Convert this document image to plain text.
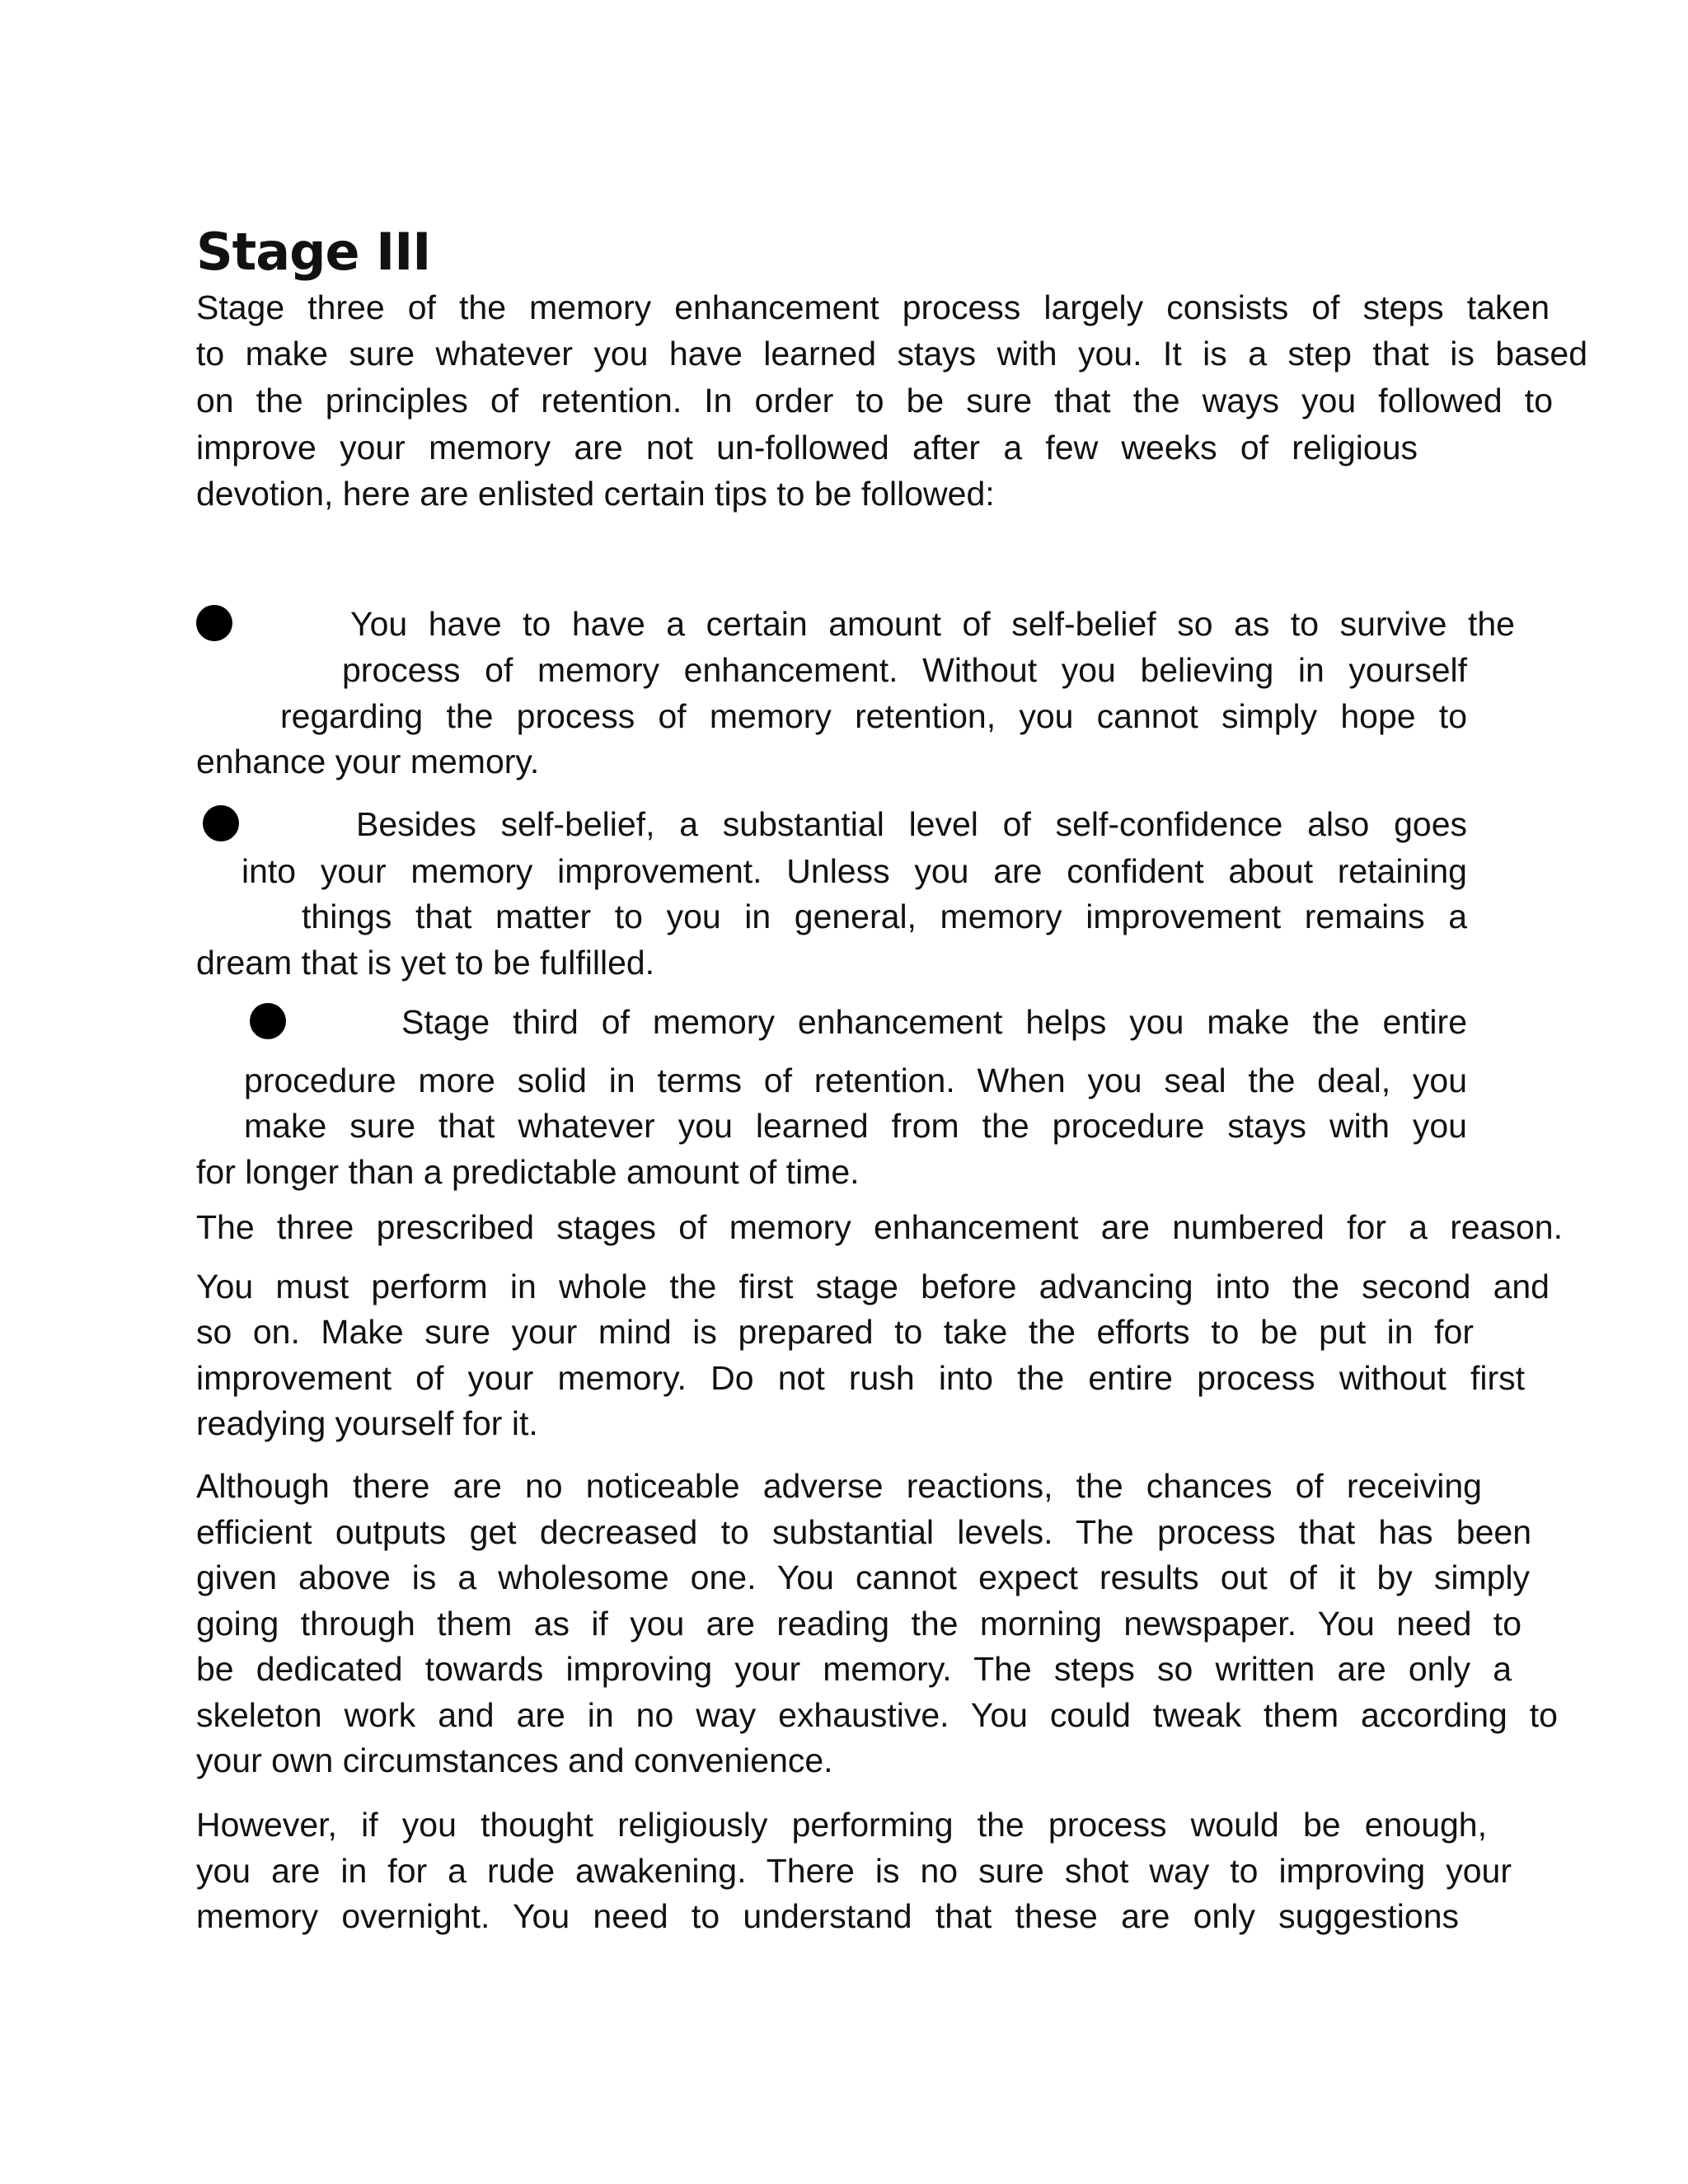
Stage III

Stage three of the memory enhancement process largely consists of steps taken

to make sure whatever you have learned stays with you. It is a step that is based

on the principles of retention. In order to be sure that the ways you followed to

improve your memory are not un-followed after a few weeks of religious

devotion, here are enlisted certain tips to be followed:

You have to have a certain amount of self-belief so as to survive the

process of memory enhancement. Without you believing in yourself

regarding the process of memory retention, you cannot simply hope to

enhance your memory.

Besides self-belief, a substantial level of self-confidence also goes

into your memory improvement. Unless you are confident about retaining

things that matter to you in general, memory improvement remains a

dream that is yet to be fulfilled.

Stage third of memory enhancement helps you make the entire

procedure more solid in terms of retention. When you seal the deal, you

make sure that whatever you learned from the procedure stays with you

for longer than a predictable amount of time.

The three prescribed stages of memory enhancement are numbered for a reason.

You must perform in whole the first stage before advancing into the second and

so on. Make sure your mind is prepared to take the efforts to be put in for

improvement of your memory. Do not rush into the entire process without first

readying yourself for it.

Although there are no noticeable adverse reactions, the chances of receiving

efficient outputs get decreased to substantial levels. The process that has been

given above is a wholesome one. You cannot expect results out of it by simply

going through them as if you are reading the morning newspaper. You need to

be dedicated towards improving your memory. The steps so written are only a

skeleton work and are in no way exhaustive. You could tweak them according to

your own circumstances and convenience.

However, if you thought religiously performing the process would be enough,

you are in for a rude awakening. There is no sure shot way to improving your

memory overnight. You need to understand that these are only suggestions
